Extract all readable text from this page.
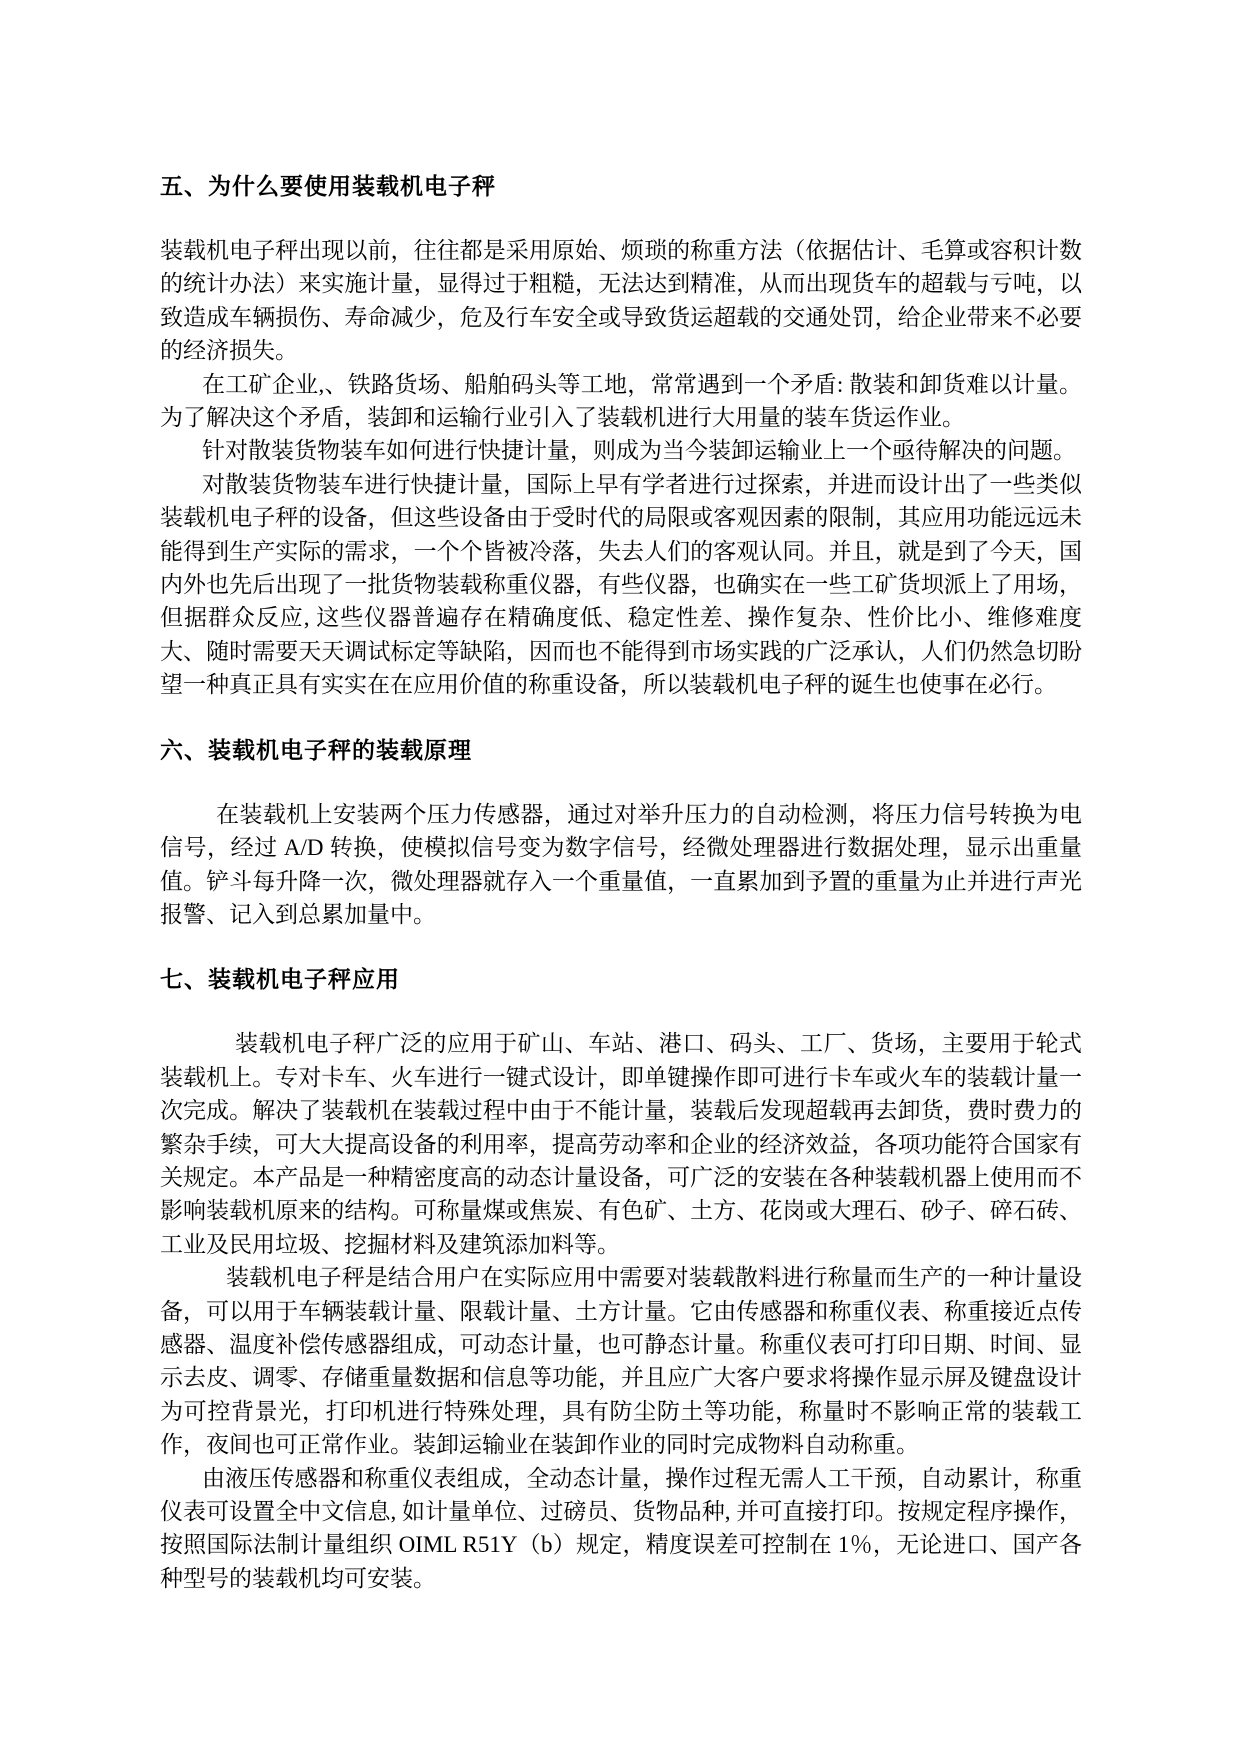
五、为什么要使用装载机电子秤

装载机电子秤出现以前，往往都是采用原始、烦琐的称重方法（依据估计、毛算或容积计数的统计办法）来实施计量，显得过于粗糙，无法达到精准，从而出现货车的超载与亏吨，以致造成车辆损伤、寿命减少，危及行车安全或导致货运超载的交通处罚，给企业带来不必要的经济损失。

在工矿企业,、铁路货场、船舶码头等工地，常常遇到一个矛盾: 散装和卸货难以计量。为了解决这个矛盾，装卸和运输行业引入了装载机进行大用量的装车货运作业。

针对散装货物装车如何进行快捷计量，则成为当今装卸运输业上一个亟待解决的问题。

对散装货物装车进行快捷计量，国际上早有学者进行过探索，并进而设计出了一些类似装载机电子秤的设备，但这些设备由于受时代的局限或客观因素的限制，其应用功能远远未能得到生产实际的需求，一个个皆被冷落，失去人们的客观认同。并且，就是到了今天，国内外也先后出现了一批货物装载称重仪器，有些仪器，也确实在一些工矿货坝派上了用场，但据群众反应, 这些仪器普遍存在精确度低、稳定性差、操作复杂、性价比小、维修难度大、随时需要天天调试标定等缺陷，因而也不能得到市场实践的广泛承认，人们仍然急切盼望一种真正具有实实在在应用价值的称重设备，所以装载机电子秤的诞生也使事在必行。

六、装载机电子秤的装载原理

在装载机上安装两个压力传感器，通过对举升压力的自动检测，将压力信号转换为电信号，经过 A/D 转换，使模拟信号变为数字信号，经微处理器进行数据处理，显示出重量值。铲斗每升降一次，微处理器就存入一个重量值，一直累加到予置的重量为止并进行声光报警、记入到总累加量中。

七、装载机电子秤应用

装载机电子秤广泛的应用于矿山、车站、港口、码头、工厂、货场，主要用于轮式装载机上。专对卡车、火车进行一键式设计，即单键操作即可进行卡车或火车的装载计量一次完成。解决了装载机在装载过程中由于不能计量，装载后发现超载再去卸货，费时费力的繁杂手续，可大大提高设备的利用率，提高劳动率和企业的经济效益，各项功能符合国家有关规定。本产品是一种精密度高的动态计量设备，可广泛的安装在各种装载机器上使用而不影响装载机原来的结构。可称量煤或焦炭、有色矿、土方、花岗或大理石、砂子、碎石砖、工业及民用垃圾、挖掘材料及建筑添加料等。

装载机电子秤是结合用户在实际应用中需要对装载散料进行称量而生产的一种计量设备，可以用于车辆装载计量、限载计量、土方计量。它由传感器和称重仪表、称重接近点传感器、温度补偿传感器组成，可动态计量，也可静态计量。称重仪表可打印日期、时间、显示去皮、调零、存储重量数据和信息等功能，并且应广大客户要求将操作显示屏及键盘设计为可控背景光，打印机进行特殊处理，具有防尘防土等功能，称量时不影响正常的装载工作，夜间也可正常作业。装卸运输业在装卸作业的同时完成物料自动称重。

由液压传感器和称重仪表组成，全动态计量，操作过程无需人工干预，自动累计，称重仪表可设置全中文信息, 如计量单位、过磅员、货物品种, 并可直接打印。按规定程序操作，按照国际法制计量组织 OIML R51Y（b）规定，精度误差可控制在 1％，无论进口、国产各种型号的装载机均可安装。
